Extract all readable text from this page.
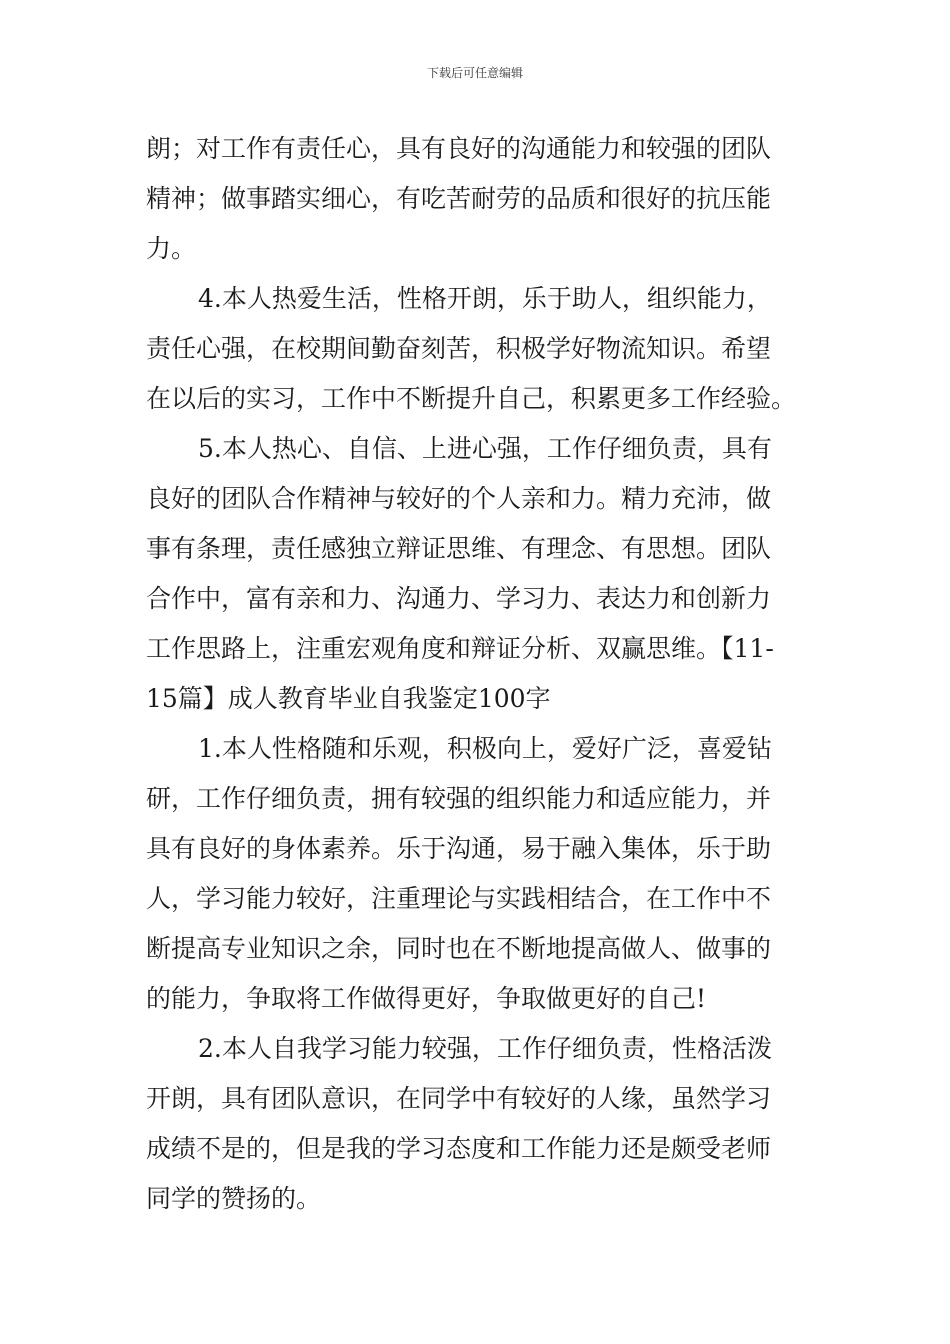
下载后可任意编辑
朗；对工作有责任心，具有良好的沟通能力和较强的团队
精神；做事踏实细心，有吃苦耐劳的品质和很好的抗压能
力。
4.本人热爱生活，性格开朗，乐于助人，组织能力，
责任心强，在校期间勤奋刻苦，积极学好物流知识。希望
在以后的实习，工作中不断提升自己，积累更多工作经验。
5.本人热心、自信、上进心强，工作仔细负责，具有
良好的团队合作精神与较好的个人亲和力。精力充沛，做
事有条理，责任感独立辩证思维、有理念、有思想。团队
合作中，富有亲和力、沟通力、学习力、表达力和创新力
工作思路上，注重宏观角度和辩证分析、双赢思维。【11-
15篇】成人教育毕业自我鉴定100字
1.本人性格随和乐观，积极向上，爱好广泛，喜爱钻
研，工作仔细负责，拥有较强的组织能力和适应能力，并
具有良好的身体素养。乐于沟通，易于融入集体，乐于助
人，学习能力较好，注重理论与实践相结合，在工作中不
断提高专业知识之余，同时也在不断地提高做人、做事的
的能力，争取将工作做得更好，争取做更好的自己!
2.本人自我学习能力较强，工作仔细负责，性格活泼
开朗，具有团队意识，在同学中有较好的人缘，虽然学习
成绩不是的，但是我的学习态度和工作能力还是颇受老师
同学的赞扬的。
